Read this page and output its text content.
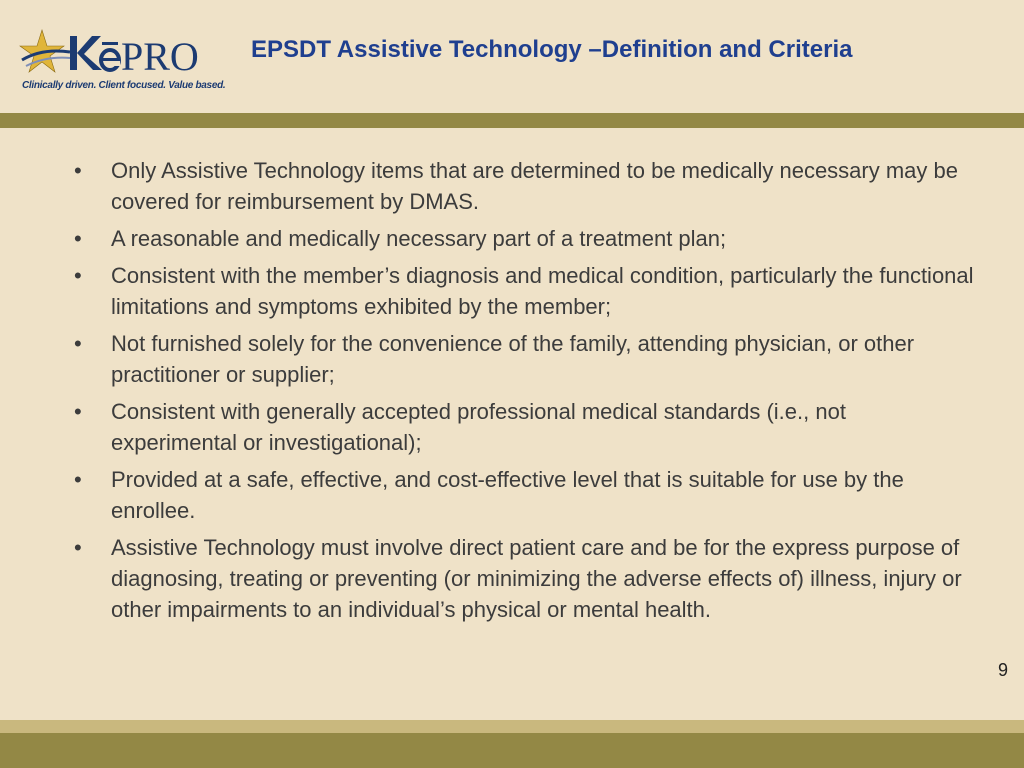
PRO
Clinically driven. Client focused. Value based.
EPSDT Assistive Technology –Definition and Criteria
• Only Assistive Technology items that are determined to be medically necessary may be covered for reimbursement by DMAS.
• A reasonable and medically necessary part of a treatment plan;
• Consistent with the member’s diagnosis and medical condition, particularly the functional limitations and symptoms exhibited by the member;
• Not furnished solely for the convenience of the family, attending physician, or other practitioner or supplier;
• Consistent with generally accepted professional medical standards (i.e., not experimental or investigational);
• Provided at a safe, effective, and cost-effective level that is suitable for use by the enrollee.
• Assistive Technology must involve direct patient care and be for the express purpose of diagnosing, treating or preventing (or minimizing the adverse effects of) illness, injury or other impairments to an individual’s physical or mental health.
9
